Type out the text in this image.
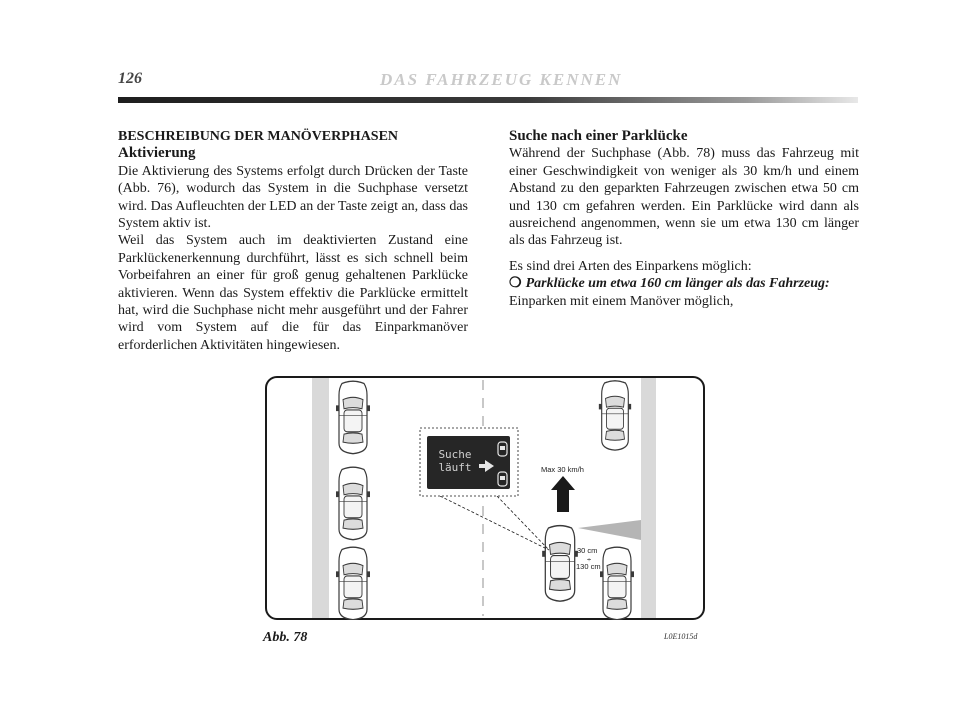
126	DAS FAHRZEUG KENNEN

BESCHREIBUNG DER MANÖVERPHASEN

Aktivierung

Die Aktivierung des Systems erfolgt durch Drücken der Taste (Abb. 76), wodurch das System in die Suchphase versetzt wird. Das Aufleuchten der LED an der Taste zeigt an, dass das System aktiv ist.

Weil das System auch im deaktivierten Zustand eine Parklückenerkennung durchführt, lässt es sich schnell beim Vorbeifahren an einer für groß genug gehaltenen Parklücke aktivieren. Wenn das System effektiv die Parklücke ermittelt hat, wird die Suchphase nicht mehr ausgeführt und der Fahrer wird vom System auf die für das Einparkmanöver erforderlichen Aktivitäten hingewiesen.

Suche nach einer Parklücke

Während der Suchphase (Abb. 78) muss das Fahrzeug mit einer Geschwindigkeit von weniger als 30 km/h und einem Abstand zu den geparkten Fahrzeugen zwischen etwa 50 cm und 130 cm gefahren werden. Ein Parklücke wird dann als ausreichend angenommen, wenn sie um etwa 130 cm länger als das Fahrzeug ist.

Es sind drei Arten des Einparkens möglich:

❍ Parklücke um etwa 160 cm länger als das Fahrzeug:
Einparken mit einem Manöver möglich,

Max 30 km/h
30 cm
÷
130 cm
Suche
läuft
Abb. 78	L0E1015d
